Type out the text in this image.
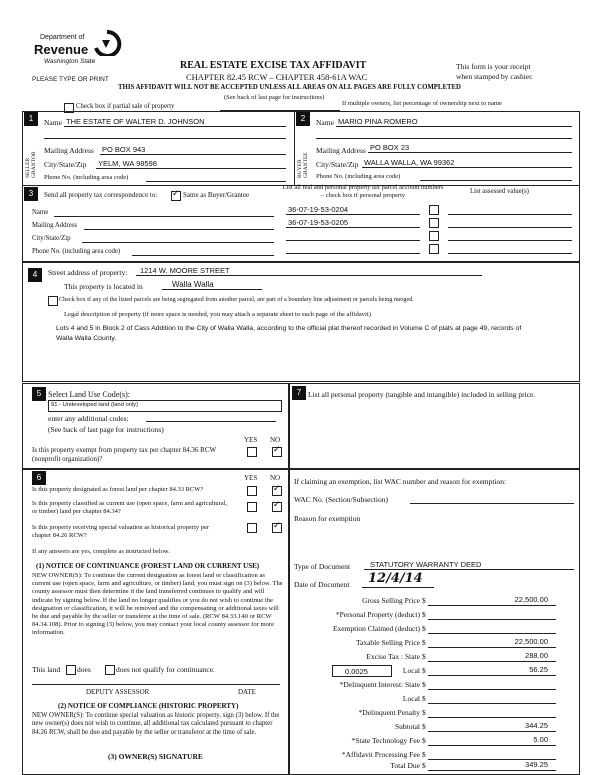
Department of
Revenue
Washington State	REAL ESTATE EXCISE TAX AFFIDAVIT
CHAPTER 82.45 RCW – CHAPTER 458-61A WAC
PLEASE TYPE OR PRINT
This form is your receipt
when stamped by cashier.
THIS AFFIDAVIT WILL NOT BE ACCEPTED UNLESS ALL AREAS ON ALL PAGES ARE FULLY COMPLETED
(See back of last page for instructions)
Check box if partial sale of property	If multiple owners, list percentage of ownership next to name
1
SELLER GRANTOR
Name THE ESTATE OF WALTER D. JOHNSON
Mailing Address PO BOX 943
City/State/Zip YELM, WA 98598
Phone No. (including area code)
2
BUYER GRANTEE
Name MARIO PINA ROMERO
Mailing Address PO BOX 23
City/State/Zip WALLA WALLA, WA 99362
Phone No. (including area code)
3	Send all property tax correspondence to:
✓	Same as Buyer/Grantee
Name
Mailing Address
City/State/Zip
Phone No. (including area code)
List all real and personal property tax parcel account numbers – check box if personal property
List assessed value(s)
36-07-19-53-0204
36-07-19-53-0205
4	Street address of property: 1214 W. MOORE STREET
This property is located in	Walla Walla
Check box if any of the listed parcels are being segregated from another parcel, are part of a boundary line adjustment or parcels being merged.
Legal description of property (if more space is needed, you may attach a separate sheet to each page of the affidavit)
Lots 4 and 5 in Block 2 of Cass Addition to the City of Walla Walla, according to the official plat thereof recorded in Volume C of plats at page 49, records of Walla Walla County.
5 Select Land Use Code(s):
91 - Undeveloped land (land only)
enter any additional codes:
(See back of last page for instructions)
YES NO
Is this property exempt from property tax per chapter 84.36 RCW (nonprofit organization)?
✓
7 List all personal property (tangible and intangible) included in selling price.
6	YES NO
Is this property designated as forest land per chapter 84.33 RCW?
✓
Is this property classified as current use (open space, farm and agricultural, or timber) land per chapter 84.34?
✓
Is this property receiving special valuation as historical property per chapter 84.26 RCW?
✓
If any answers are yes, complete as instructed below.
(1) NOTICE OF CONTINUANCE (FOREST LAND OR CURRENT USE)
NEW OWNER(S): To continue the current designation as forest land or classification as current use (open space, farm and agriculture, or timber) land, you must sign on (3) below. The county assessor must then determine if the land transferred continues to qualify and will indicate by signing below. If the land no longer qualifies or you do not wish to continue the designation or classification, it will be removed and the compensating or additional taxes will be due and payable by the seller or transferor at the time of sale. (RCW 84.33.140 or RCW 84.34.108). Prior to signing (3) below, you may contact your local county assessor for more information.
This land does	does not qualify for continuance.
DEPUTY ASSESSOR	DATE
(2) NOTICE OF COMPLIANCE (HISTORIC PROPERTY)
NEW OWNER(S): To continue special valuation as historic property, sign (3) below. If the new owner(s) does not wish to continue, all additional tax calculated pursuant to chapter 84.26 RCW, shall be due and payable by the seller or transferor at the time of sale.
(3) OWNER(S) SIGNATURE
If claiming an exemption, list WAC number and reason for exemption:
WAC No. (Section/Subsection)
Reason for exemption
Type of Document	STATUTORY WARRANTY DEED
Date of Document 12/4/14
Gross Selling Price $	22,500.00
*Personal Property (deduct) $
Exemption Claimed (deduct) $
Taxable Selling Price $	22,500.00
Excise Tax : State $	288.00
0.0025	Local $	56.25
*Delinquent Interest: State $
Local $
*Delinquent Penalty $
Subtotal $	344.25
*State Technology Fee $	5.00
*Affidavit Processing Fee $
Total Due $	349.25
